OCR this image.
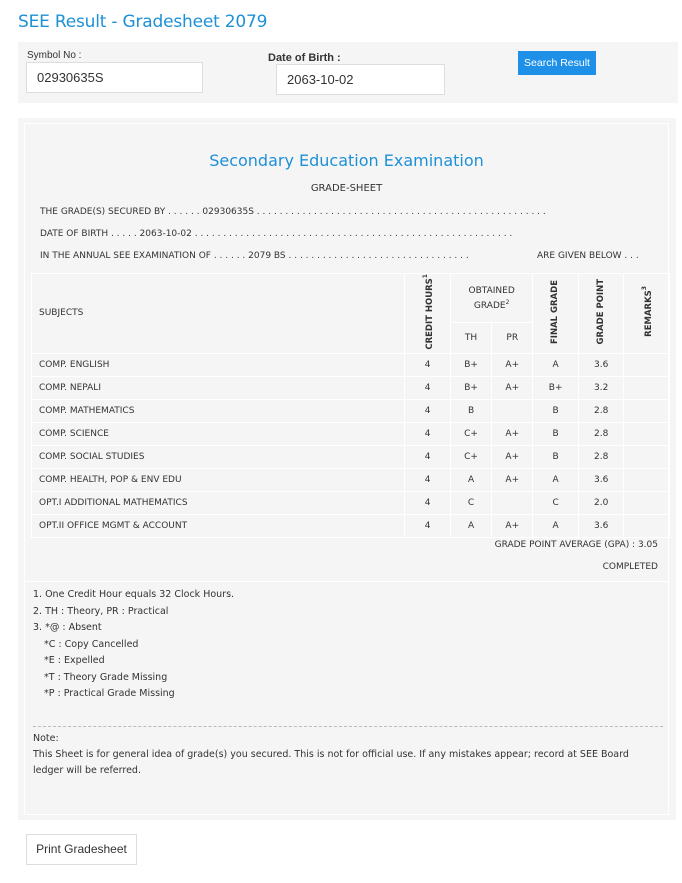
SEE Result - Gradesheet 2079
Symbol No :
02930635S
Date of Birth :
2063-10-02
Search Result
Secondary Education Examination
GRADE-SHEET
THE GRADE(S) SECURED BY . . . . . . 02930635S . . . . . . . . . . . . . . . . . . . . . . . . . . . . . . . . . . . . . . . . . . . . . . . . . . .
DATE OF BIRTH . . . . . 2063-10-02 . . . . . . . . . . . . . . . . . . . . . . . . . . . . . . . . . . . . . . . . . . . . . . . . . . . . . . . .
IN THE ANNUAL SEE EXAMINATION OF . . . . . . 2079 BS . . . . . . . . . . . . . . . . . . . . . . . . . . . . . . . .	ARE GIVEN BELOW . . .
SUBJECTS	CREDIT HOURS$^1$	OBTAINED GRADE$^2$		FINAL GRADE	GRADE POINT	REMARKS$^3$
		TH	PR			
COMP. ENGLISH	4	B+	A+	A	3.6	
COMP. NEPALI	4	B+	A+	B+	3.2	
COMP. MATHEMATICS	4	B		B	2.8	
COMP. SCIENCE	4	C+	A+	B	2.8	
COMP. SOCIAL STUDIES	4	C+	A+	B	2.8	
COMP. HEALTH, POP & ENV EDU	4	A	A+	A	3.6	
OPT.I ADDITIONAL MATHEMATICS	4	C		C	2.0	
OPT.II OFFICE MGMT & ACCOUNT	4	A	A+	A	3.6	
GRADE POINT AVERAGE (GPA) : 3.05
COMPLETED
1. One Credit Hour equals 32 Clock Hours.
2. TH : Theory, PR : Practical
3. *@ : Absent
*C : Copy Cancelled
*E : Expelled
*T : Theory Grade Missing
*P : Practical Grade Missing
Note:
This Sheet is for general idea of grade(s) you secured. This is not for official use. If any mistakes appear; record at SEE Board ledger will be referred.
Print Gradesheet
